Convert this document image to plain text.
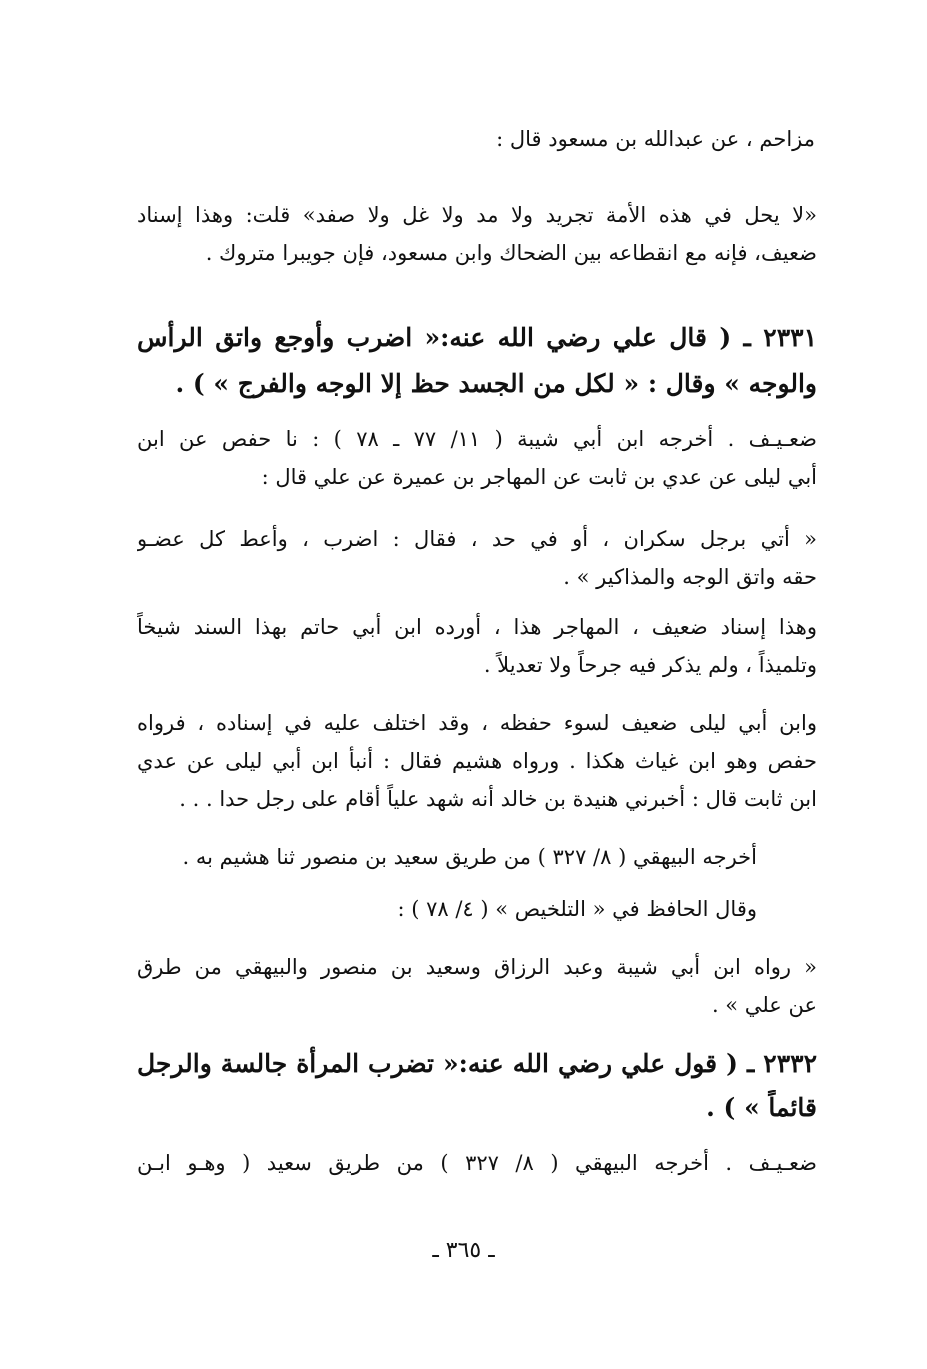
مزاحم ، عن عبدالله بن مسعود قال :
«لا يحل في هذه الأمة تجريد ولا مد ولا غل ولا صفد» قلت: وهذا إسناد
ضعيف، فإنه مع انقطاعه بين الضحاك وابن مسعود، فإن جويبرا متروك .
٢٣٣١ ـ ( قال علي رضي الله عنه:« اضرب وأوجع واتق الرأس
والوجه » وقال : « لكل من الجسد حظ إلا الوجه والفرج » ) .
ضعـيـف . أخرجه ابن أبي شيبة ( ١١/ ٧٧ ـ ٧٨ ) : نا حفص عن ابن
أبي ليلى عن عدي بن ثابت عن المهاجر بن عميرة عن علي قال :
« أتي برجل سكران ، أو في حد ، فقال : اضرب ، وأعط كل عضـو
حقه واتق الوجه والمذاكير » .
وهذا إسناد ضعيف ، المهاجر هذا ، أورده ابن أبي حاتم بهذا السند شيخاً
وتلميذاً ، ولم يذكر فيه جرحاً ولا تعديلاً .
وابن أبي ليلى ضعيف لسوء حفظه ، وقد اختلف عليه في إسناده ، فرواه
حفص وهو ابن غياث هكذا . ورواه هشيم فقال : أنبأ ابن أبي ليلى عن عدي
ابن ثابت قال : أخبرني هنيدة بن خالد أنه شهد علياً أقام على رجل حدا . . .
أخرجه البيهقي ( ٨/ ٣٢٧ ) من طريق سعيد بن منصور ثنا هشيم به .
وقال الحافظ في « التلخيص » ( ٤/ ٧٨ ) :
« رواه ابن أبي شيبة وعبد الرزاق وسعيد بن منصور والبيهقي من طرق
عن علي » .
٢٣٣٢ ـ ( قول علي رضي الله عنه:« تضرب المرأة جالسة والرجل
قائماً » ) .
ضعـيـف . أخرجه البيهقي ( ٨/ ٣٢٧ ) من طريق سعيد ( وهـو ابـن
ـ ٣٦٥ ـ
